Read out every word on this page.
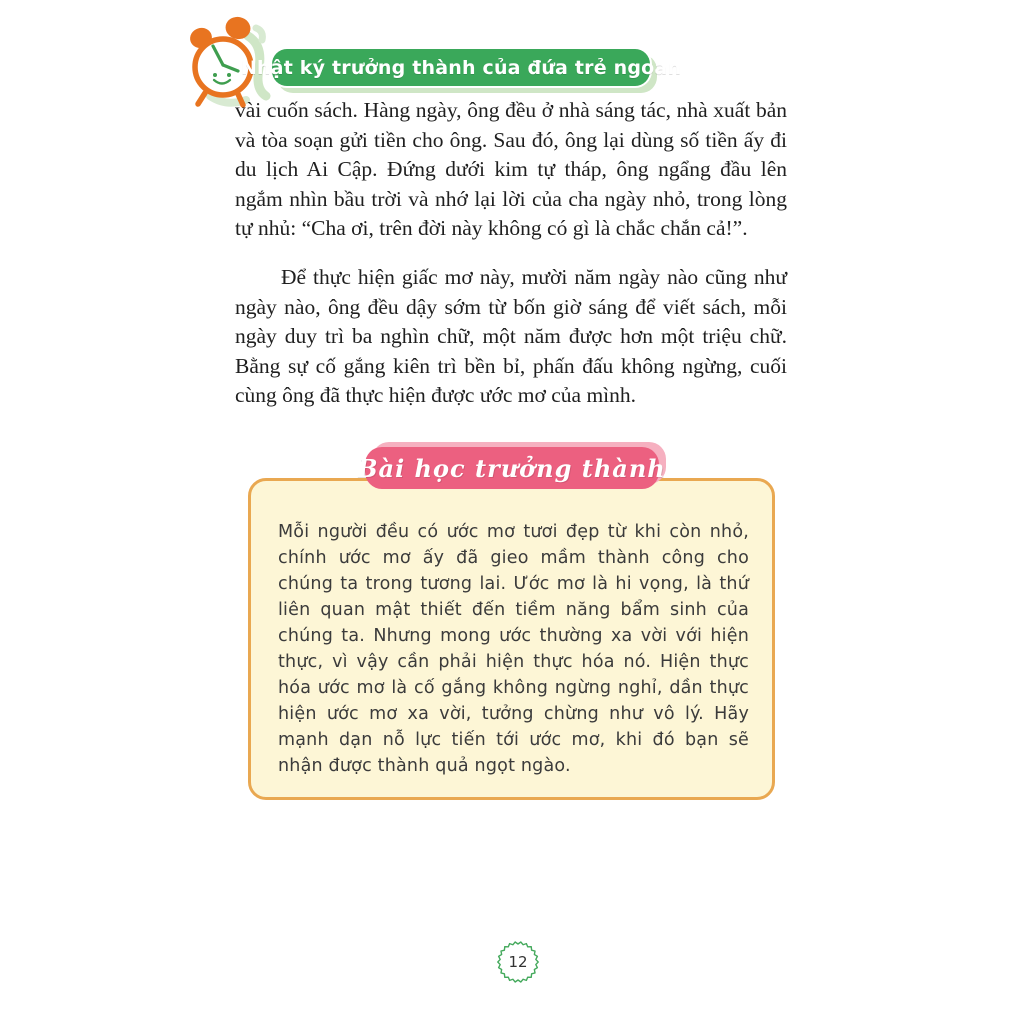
Nhật ký trưởng thành của đứa trẻ ngoan

vài cuốn sách. Hàng ngày, ông đều ở nhà sáng tác, nhà xuất bản và tòa soạn gửi tiền cho ông. Sau đó, ông lại dùng số tiền ấy đi du lịch Ai Cập. Đứng dưới kim tự tháp, ông ngẩng đầu lên ngắm nhìn bầu trời và nhớ lại lời của cha ngày nhỏ, trong lòng tự nhủ: “Cha ơi, trên đời này không có gì là chắc chắn cả!”.

Để thực hiện giấc mơ này, mười năm ngày nào cũng như ngày nào, ông đều dậy sớm từ bốn giờ sáng để viết sách, mỗi ngày duy trì ba nghìn chữ, một năm được hơn một triệu chữ. Bằng sự cố gắng kiên trì bền bỉ, phấn đấu không ngừng, cuối cùng ông đã thực hiện được ước mơ của mình.

Bài học trưởng thành
Mỗi người đều có ước mơ tươi đẹp từ khi còn nhỏ, chính ước mơ ấy đã gieo mầm thành công cho chúng ta trong tương lai. Ước mơ là hi vọng, là thứ liên quan mật thiết đến tiềm năng bẩm sinh của chúng ta. Nhưng mong ước thường xa vời với hiện thực, vì vậy cần phải hiện thực hóa nó. Hiện thực hóa ước mơ là cố gắng không ngừng nghỉ, dần thực hiện ước mơ xa vời, tưởng chừng như vô lý. Hãy mạnh dạn nỗ lực tiến tới ước mơ, khi đó bạn sẽ nhận được thành quả ngọt ngào.
12
